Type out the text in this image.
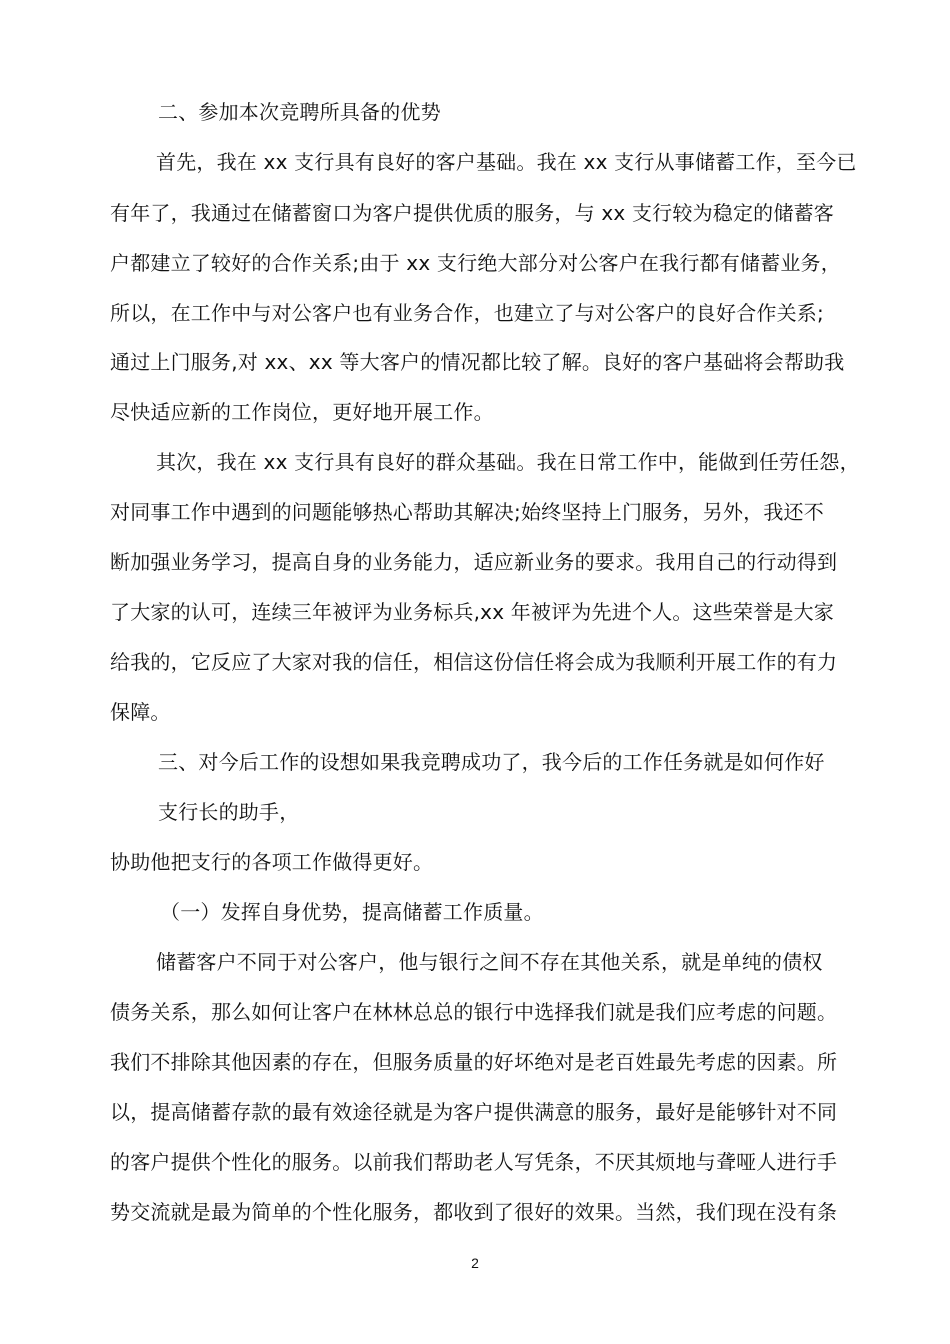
二、参加本次竞聘所具备的优势
首先，我在 xx 支行具有良好的客户基础。我在 xx 支行从事储蓄工作，至今已
有年了，我通过在储蓄窗口为客户提供优质的服务，与 xx 支行较为稳定的储蓄客
户都建立了较好的合作关系;由于 xx 支行绝大部分对公客户在我行都有储蓄业务，
所以，在工作中与对公客户也有业务合作，也建立了与对公客户的良好合作关系;
通过上门服务,对 xx、xx 等大客户的情况都比较了解。良好的客户基础将会帮助我
尽快适应新的工作岗位，更好地开展工作。
其次，我在 xx 支行具有良好的群众基础。我在日常工作中，能做到任劳任怨，
对同事工作中遇到的问题能够热心帮助其解决;始终坚持上门服务，另外，我还不
断加强业务学习，提高自身的业务能力，适应新业务的要求。我用自己的行动得到
了大家的认可，连续三年被评为业务标兵,xx 年被评为先进个人。这些荣誉是大家
给我的，它反应了大家对我的信任，相信这份信任将会成为我顺利开展工作的有力
保障。
三、对今后工作的设想如果我竞聘成功了，我今后的工作任务就是如何作好
支行长的助手，
协助他把支行的各项工作做得更好。
（一）发挥自身优势，提高储蓄工作质量。
储蓄客户不同于对公客户，他与银行之间不存在其他关系，就是单纯的债权
债务关系，那么如何让客户在林林总总的银行中选择我们就是我们应考虑的问题。
我们不排除其他因素的存在，但服务质量的好坏绝对是老百姓最先考虑的因素。所
以，提高储蓄存款的最有效途径就是为客户提供满意的服务，最好是能够针对不同
的客户提供个性化的服务。以前我们帮助老人写凭条，不厌其烦地与聋哑人进行手
势交流就是最为简单的个性化服务，都收到了很好的效果。当然，我们现在没有条
2
